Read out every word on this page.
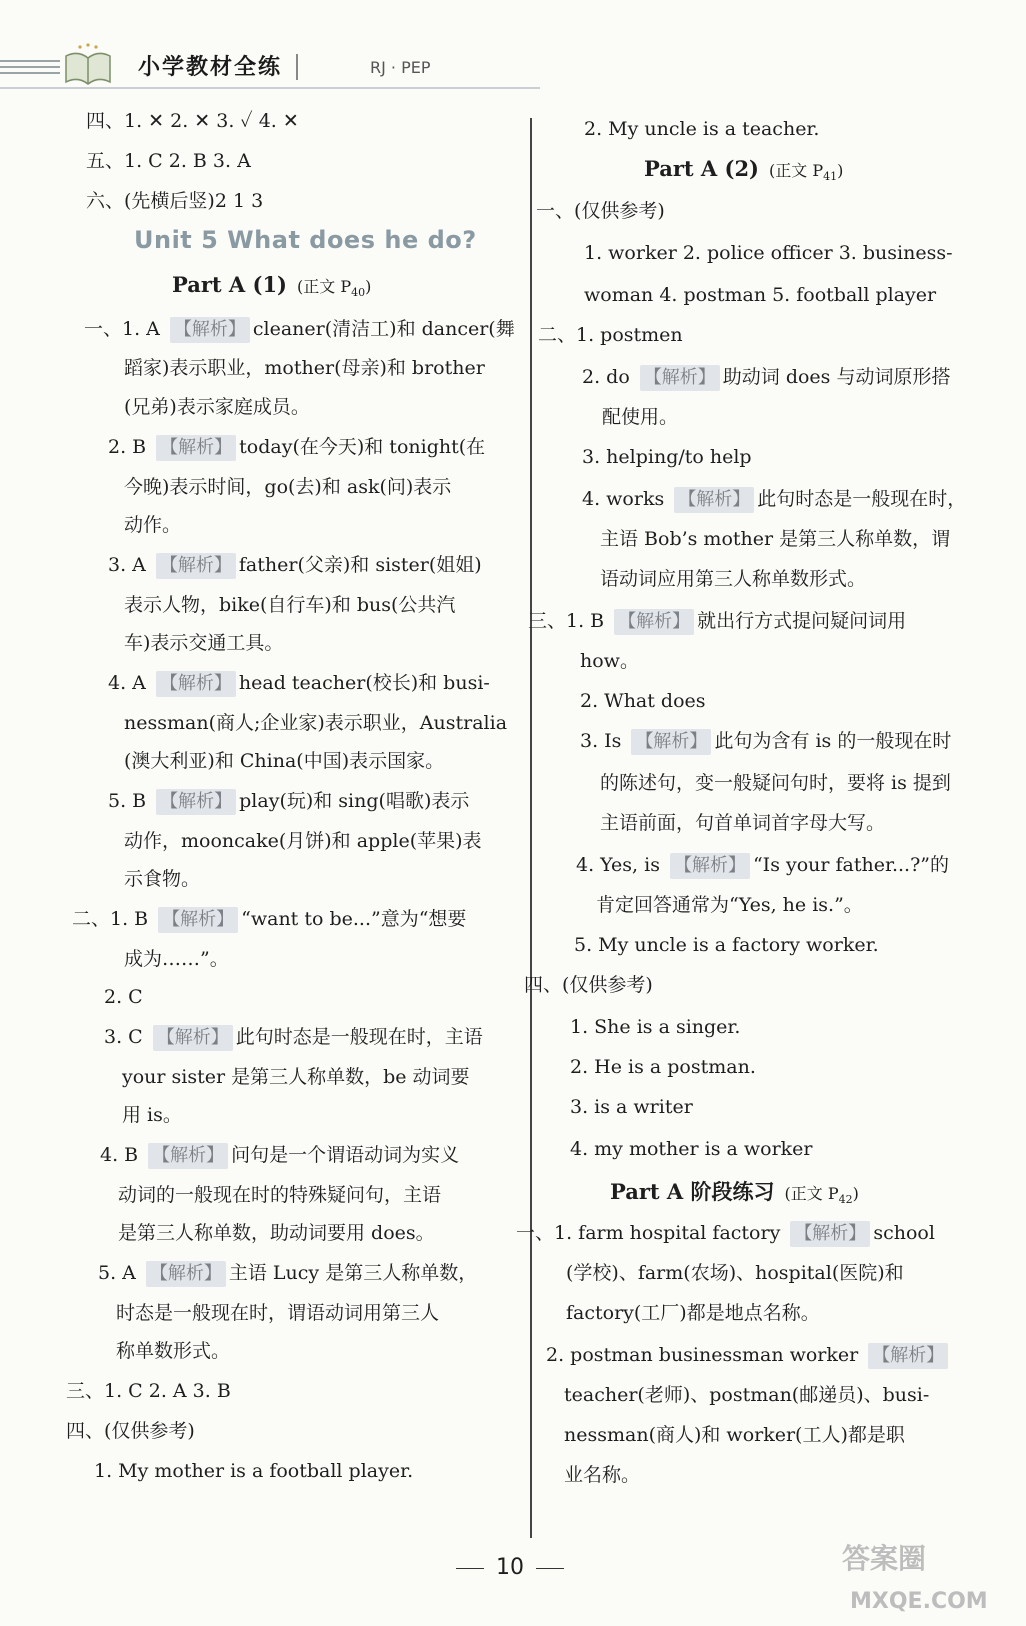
小学教材全练	RJ · PEP
四、1. ✕ 2. ✕ 3. ✓ 4. ✕
五、1. C 2. B 3. A
六、(先横后竖)2 1 3
Unit 5 What does he do?
Part A (1) (正文 $P_{40}$)
一、1. A 【解析】 cleaner(清洁工)和 dancer(舞
蹈家)表示职业，mother(母亲)和 brother
(兄弟)表示家庭成员。
2. B 【解析】 today(在今天)和 tonight(在
今晚)表示时间，go(去)和 ask(问)表示
动作。
3. A 【解析】 father(父亲)和 sister(姐姐)
表示人物，bike(自行车)和 bus(公共汽
车)表示交通工具。
4. A 【解析】 head teacher(校长)和 busi-
nessman(商人;企业家)表示职业，Australia
(澳大利亚)和 China(中国)表示国家。
5. B 【解析】 play(玩)和 sing(唱歌)表示
动作，mooncake(月饼)和 apple(苹果)表
示食物。
二、1. B 【解析】 “want to be...”意为“想要
成为……”。
2. C
3. C 【解析】 此句时态是一般现在时，主语
your sister 是第三人称单数，be 动词要
用 is。
4. B 【解析】 问句是一个谓语动词为实义
动词的一般现在时的特殊疑问句，主语
是第三人称单数，助动词要用 does。
5. A 【解析】 主语 Lucy 是第三人称单数，
时态是一般现在时，谓语动词用第三人
称单数形式。
三、1. C 2. A 3. B
四、(仅供参考)
1. My mother is a football player.
2. My uncle is a teacher.
Part A (2) (正文 $P_{41}$)
一、(仅供参考)
1. worker 2. police officer 3. business-
woman 4. postman 5. football player
二、1. postmen
2. do 【解析】 助动词 does 与动词原形搭
配使用。
3. helping/to help
4. works 【解析】 此句时态是一般现在时，
主语 Bob’s mother 是第三人称单数，谓
语动词应用第三人称单数形式。
三、1. B 【解析】 就出行方式提问疑问词用
how。
2. What does
3. Is 【解析】 此句为含有 is 的一般现在时
的陈述句，变一般疑问句时，要将 is 提到
主语前面，句首单词首字母大写。
4. Yes, is 【解析】 “Is your father...?”的
肯定回答通常为“Yes, he is.”。
5. My uncle is a factory worker.
四、(仅供参考)
1. She is a singer.
2. He is a postman.
3. is a writer
4. my mother is a worker
Part A 阶段练习 (正文 $P_{42}$)
一、1. farm hospital factory 【解析】 school
(学校)、farm(农场)、hospital(医院)和
factory(工厂)都是地点名称。
2. postman businessman worker 【解析】
teacher(老师)、postman(邮递员)、busi-
nessman(商人)和 worker(工人)都是职
业名称。
10	答案圈
MXQE.COM
